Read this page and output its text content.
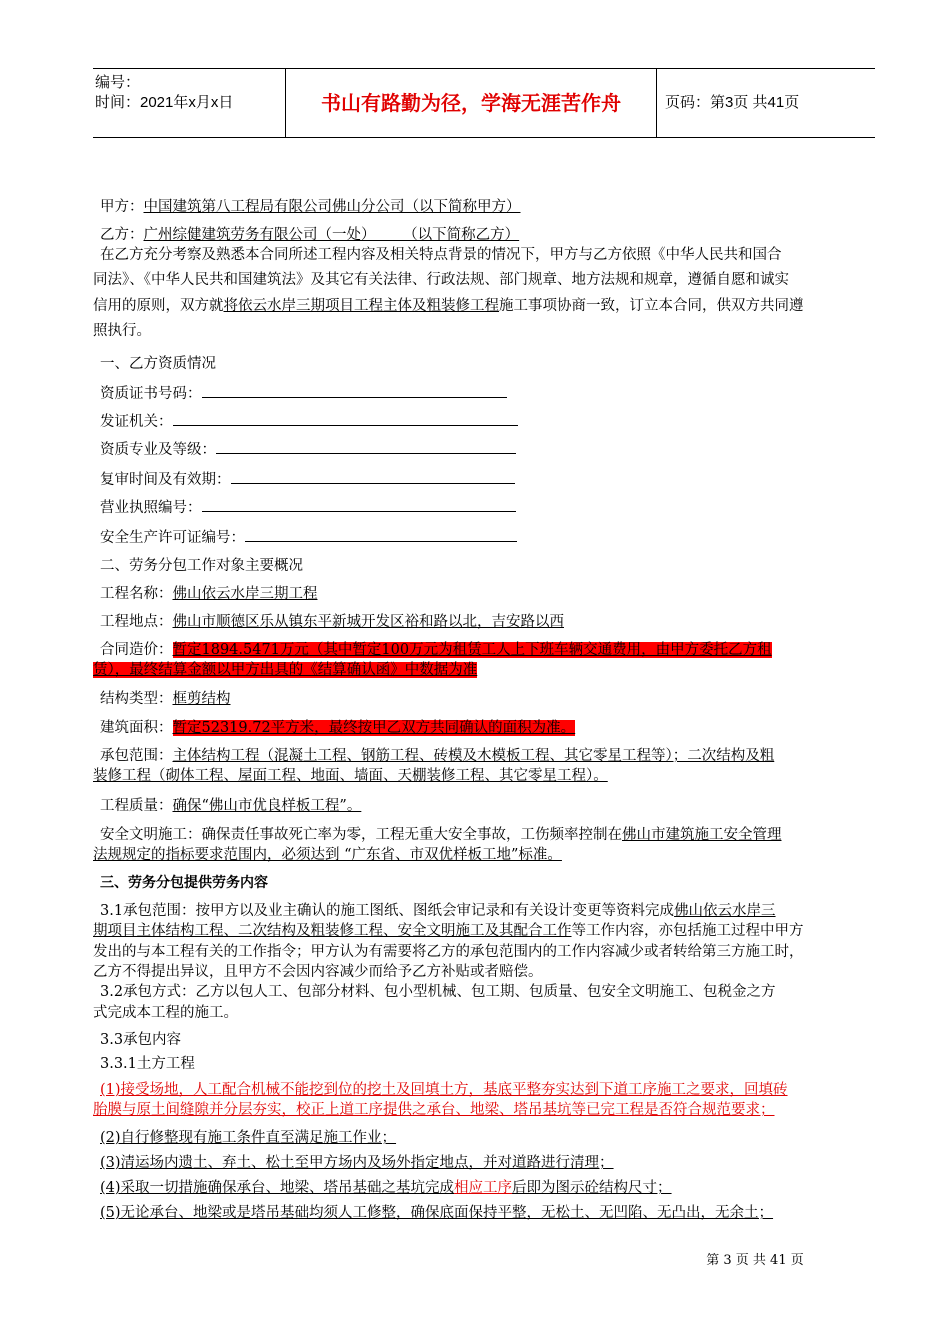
编号：
时间：2021年x月x日	书山有路勤为径，学海无涯苦作舟	页码：第3页 共41页
甲方：中国建筑第八工程局有限公司佛山分公司（以下简称甲方）
乙方：广州综健建筑劳务有限公司（一处）      （以下简称乙方）
在乙方充分考察及熟悉本合同所述工程内容及相关特点背景的情况下，甲方与乙方依照《中华人民共和国合
同法》、《中华人民共和国建筑法》及其它有关法律、行政法规、部门规章、地方法规和规章，遵循自愿和诚实
信用的原则，双方就将依云水岸三期项目工程主体及粗装修工程施工事项协商一致，订立本合同，供双方共同遵
照执行。
一、乙方资质情况
资质证书号码：
发证机关：
资质专业及等级：
复审时间及有效期：
营业执照编号：
安全生产许可证编号：
二、劳务分包工作对象主要概况
工程名称：佛山依云水岸三期工程
工程地点：佛山市顺德区乐从镇东平新城开发区裕和路以北，吉安路以西
合同造价：暂定1894.5471万元（其中暂定100万元为租赁工人上下班车辆交通费用，由甲方委托乙方租
赁），最终结算金额以甲方出具的《结算确认函》中数据为准
结构类型：框剪结构
建筑面积：暂定52319.72平方米，最终按甲乙双方共同确认的面积为准。
承包范围：主体结构工程（混凝土工程、钢筋工程、砖模及木模板工程、其它零星工程等）；二次结构及粗
装修工程（砌体工程、屋面工程、地面、墙面、天棚装修工程、其它零星工程）。
工程质量：确保“佛山市优良样板工程”。
安全文明施工：确保责任事故死亡率为零，工程无重大安全事故，工伤频率控制在佛山市建筑施工安全管理
法规规定的指标要求范围内，必须达到 “广东省、市双优样板工地”标准。
三、劳务分包提供劳务内容
3.1承包范围：按甲方以及业主确认的施工图纸、图纸会审记录和有关设计变更等资料完成佛山依云水岸三
期项目主体结构工程、二次结构及粗装修工程、安全文明施工及其配合工作等工作内容，亦包括施工过程中甲方
发出的与本工程有关的工作指令；甲方认为有需要将乙方的承包范围内的工作内容减少或者转给第三方施工时，
乙方不得提出异议，且甲方不会因内容减少而给予乙方补贴或者赔偿。
3.2承包方式：乙方以包人工、包部分材料、包小型机械、包工期、包质量、包安全文明施工、包税金之方
式完成本工程的施工。
3.3承包内容
3.3.1土方工程
(1)接受场地，人工配合机械不能挖到位的挖土及回填土方，基底平整夯实达到下道工序施工之要求，回填砖
胎膜与原土间缝隙并分层夯实，校正上道工序提供之承台、地梁、塔吊基坑等已完工程是否符合规范要求；
(2)自行修整现有施工条件直至满足施工作业；
(3)清运场内遗土、弃土、松土至甲方场内及场外指定地点，并对道路进行清理；
(4)采取一切措施确保承台、地梁、塔吊基础之基坑完成相应工序后即为图示砼结构尺寸；
(5)无论承台、地梁或是塔吊基础均须人工修整，确保底面保持平整，无松土、无凹陷、无凸出，无余土；
第 3 页 共 41 页
